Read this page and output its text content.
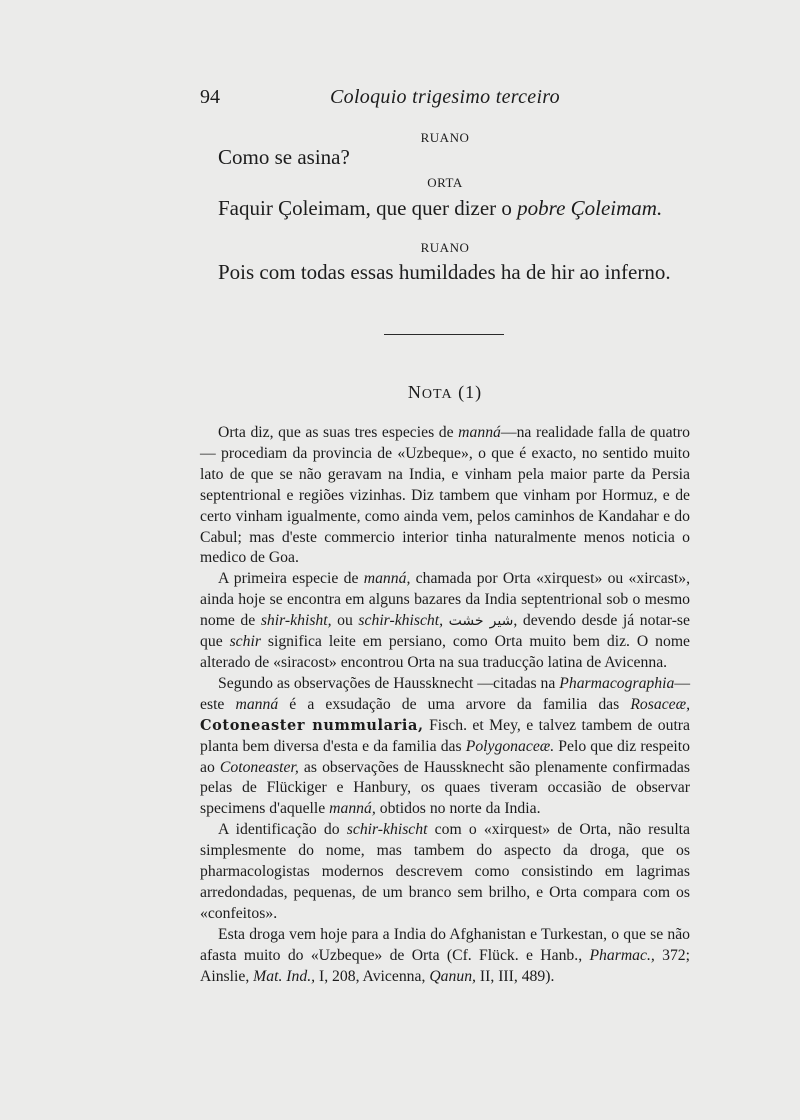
94	Coloquio trigesimo terceiro
RUANO
Como se asina?
ORTA
Faquir Çoleimam, que quer dizer o pobre Çoleimam.
RUANO
Pois com todas essas humildades ha de hir ao inferno.
NOTA (1)

Orta diz, que as suas tres especies de manná—na realidade falla de quatro— procediam da provincia de «Uzbeque», o que é exacto, no sentido muito lato de que se não geravam na India, e vinham pela maior parte da Persia septentrional e regiões vizinhas. Diz tambem que vinham por Hormuz, e de certo vinham igualmente, como ainda vem, pelos caminhos de Kandahar e do Cabul; mas d'este commercio interior tinha naturalmente menos noticia o medico de Goa.

A primeira especie de manná, chamada por Orta «xirquest» ou «xircast», ainda hoje se encontra em alguns bazares da India septentrional sob o mesmo nome de shir-khisht, ou schir-khischt, شير خشت, devendo desde já notar-se que schir significa leite em persiano, como Orta muito bem diz. O nome alterado de «siracost» encontrou Orta na sua traducção latina de Avicenna.

Segundo as observações de Haussknecht —citadas na Pharmacographia— este manná é a exsudação de uma arvore da familia das Rosaceæ, Cotoneaster nummularia, Fisch. et Mey, e talvez tambem de outra planta bem diversa d'esta e da familia das Polygonaceæ. Pelo que diz respeito ao Cotoneaster, as observações de Haussknecht são plenamente confirmadas pelas de Flückiger e Hanbury, os quaes tiveram occasião de observar specimens d'aquelle manná, obtidos no norte da India.

A identificação do schir-khischt com o «xirquest» de Orta, não resulta simplesmente do nome, mas tambem do aspecto da droga, que os pharmacologistas modernos descrevem como consistindo em lagrimas arredondadas, pequenas, de um branco sem brilho, e Orta compara com os «confeitos».

Esta droga vem hoje para a India do Afghanistan e Turkestan, o que se não afasta muito do «Uzbeque» de Orta (Cf. Flück. e Hanb., Pharmac., 372; Ainslie, Mat. Ind., I, 208, Avicenna, Qanun, II, III, 489).
